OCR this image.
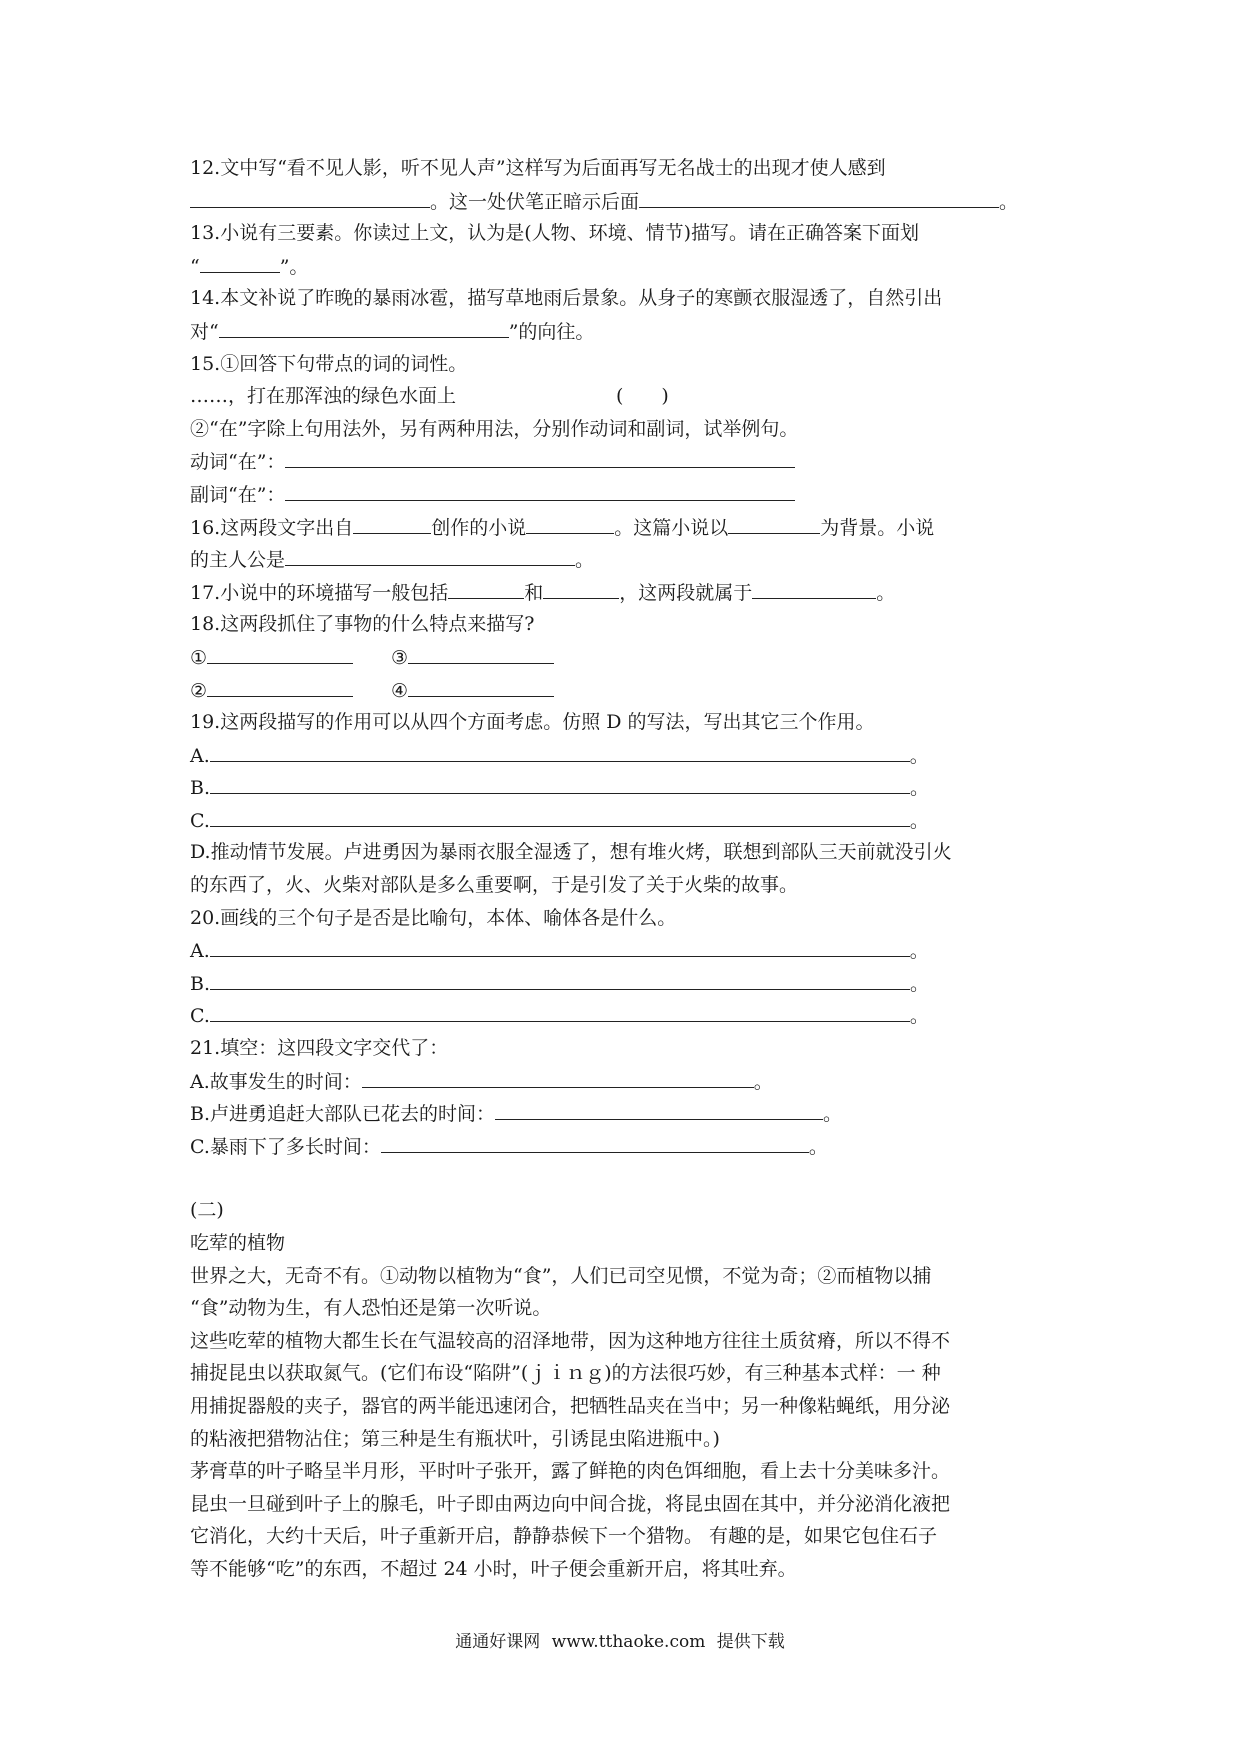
12.文中写“看不见人影，听不见人声”这样写为后面再写无名战士的出现才使人感到
。这一处伏笔正暗示后面	。
13.小说有三要素。你读过上文，认为是(人物、环境、情节)描写。请在正确答案下面划
“	”。
14.本文补说了昨晚的暴雨冰雹，描写草地雨后景象。从身子的寒颤衣服湿透了，自然引出
对“	”的向往。
15.①回答下句带点的词的词性。
……，打在那浑浊的绿色水面上	(　　)
②“在”字除上句用法外，另有两种用法，分别作动词和副词，试举例句。
动词“在”：
副词“在”：
16.这两段文字出自	创作的小说	。这篇小说以	为背景。小说
的主人公是	。
17.小说中的环境描写一般包括	和	，这两段就属于	。
18.这两段抓住了事物的什么特点来描写?
①	③
②	④
19.这两段描写的作用可以从四个方面考虑。仿照 D 的写法，写出其它三个作用。
A.	。
B.	。
C.	。
D.推动情节发展。卢进勇因为暴雨衣服全湿透了，想有堆火烤，联想到部队三天前就没引火
的东西了，火、火柴对部队是多么重要啊，于是引发了关于火柴的故事。
20.画线的三个句子是否是比喻句，本体、喻体各是什么。
A.	。
B.	。
C.	。
21.填空：这四段文字交代了：
A.故事发生的时间：	。
B.卢进勇追赶大部队已花去的时间：	。
C.暴雨下了多长时间：	。
(二)
吃荤的植物
世界之大，无奇不有。①动物以植物为“食”，人们已司空见惯，不觉为奇；②而植物以捕
“食”动物为生，有人恐怕还是第一次听说。
这些吃荤的植物大都生长在气温较高的沼泽地带，因为这种地方往往土质贫瘠，所以不得不
捕捉昆虫以获取氮气。(它们布设“陷阱”(ｊｉｎｇ)的方法很巧妙，有三种基本式样：一 种
用捕捉器般的夹子，器官的两半能迅速闭合，把牺牲品夹在当中；另一种像粘蝇纸，用分泌
的粘液把猎物沾住；第三种是生有瓶状叶，引诱昆虫陷进瓶中。)
茅膏草的叶子略呈半月形，平时叶子张开，露了鲜艳的肉色饵细胞，看上去十分美味多汁。
昆虫一旦碰到叶子上的腺毛，叶子即由两边向中间合拢，将昆虫固在其中，并分泌消化液把
它消化，大约十天后，叶子重新开启，静静恭候下一个猎物。 有趣的是，如果它包住石子
等不能够“吃”的东西，不超过 24 小时，叶子便会重新开启，将其吐弃。
通通好课网 www.tthaoke.com 提供下载
